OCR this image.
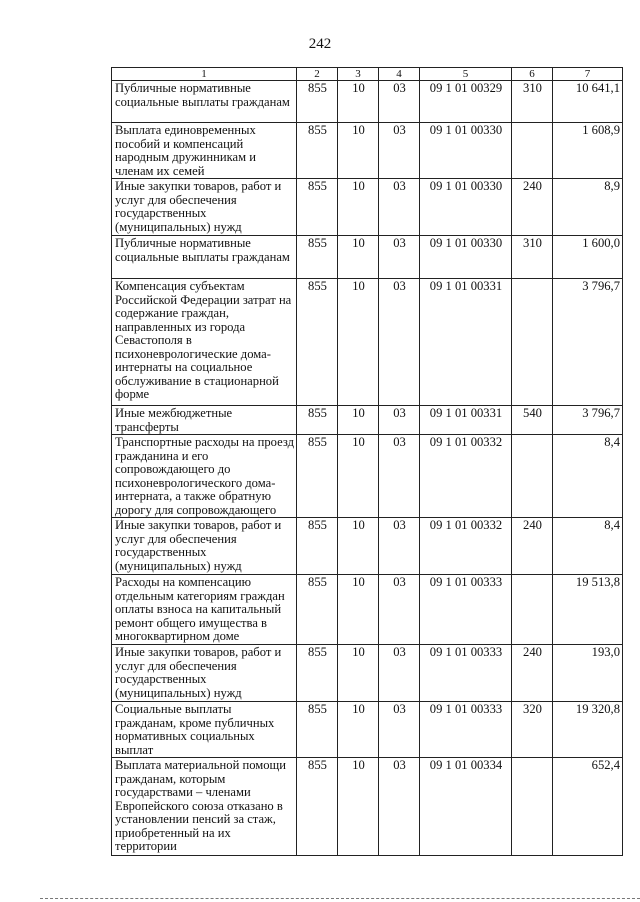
242
1	2	3	4	5	6	7
Публичные нормативные социальные выплаты гражданам	855	10	03	09 1 01 00329	310	10 641,1
Выплата единовременных пособий и компенсаций народным дружинникам и членам их семей	855	10	03	09 1 01 00330		1 608,9
Иные закупки товаров, работ и услуг для обеспечения государственных (муниципальных) нужд	855	10	03	09 1 01 00330	240	8,9
Публичные нормативные социальные выплаты гражданам	855	10	03	09 1 01 00330	310	1 600,0
Компенсация субъектам Российской Федерации затрат на содержание граждан, направленных из города Севастополя в психоневрологические дома-интернаты на социальное обслуживание в стационарной форме	855	10	03	09 1 01 00331		3 796,7
Иные межбюджетные трансферты	855	10	03	09 1 01 00331	540	3 796,7
Транспортные расходы на проезд гражданина и его сопровождающего до психоневрологического дома-интерната, а также обратную дорогу для сопровождающего	855	10	03	09 1 01 00332		8,4
Иные закупки товаров, работ и услуг для обеспечения государственных (муниципальных) нужд	855	10	03	09 1 01 00332	240	8,4
Расходы на компенсацию отдельным категориям граждан оплаты взноса на капитальный ремонт общего имущества в многоквартирном доме	855	10	03	09 1 01 00333		19 513,8
Иные закупки товаров, работ и услуг для обеспечения государственных (муниципальных) нужд	855	10	03	09 1 01 00333	240	193,0
Социальные выплаты гражданам, кроме публичных нормативных социальных выплат	855	10	03	09 1 01 00333	320	19 320,8
Выплата материальной помощи гражданам, которым государствами – членами Европейского союза отказано в установлении пенсий за стаж, приобретенный на их территории	855	10	03	09 1 01 00334		652,4
